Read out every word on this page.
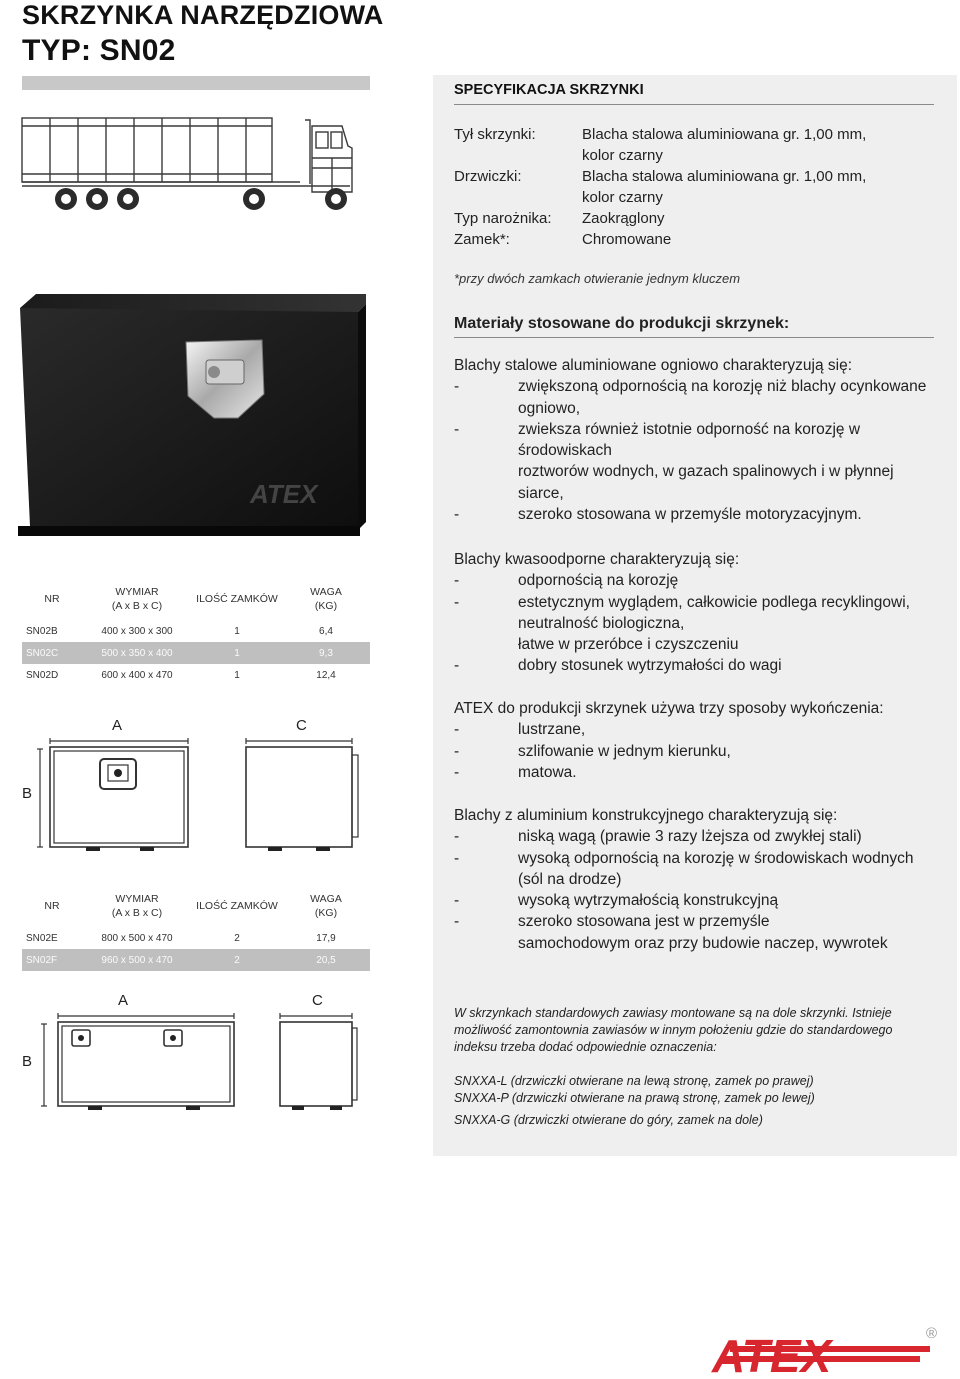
SKRZYNKA NARZĘDZIOWA
TYP: SN02
SPECYFIKACJA SKRZYNKI
Tył skrzynki:	Blacha stalowa aluminiowana gr. 1,00 mm,
kolor czarny
Drzwiczki:	Blacha stalowa aluminiowana gr. 1,00 mm,
kolor czarny
Typ narożnika:	Zaokrąglony
Zamek*:	Chromowane
*przy dwóch zamkach otwieranie jednym kluczem
Materiały stosowane do produkcji skrzynek:
Blachy stalowe aluminiowane ogniowo charakteryzują się:
-	zwiększoną odpornością na korozję niż blachy ocynkowane
ogniowo,
-	zwieksza również istotnie odporność na korozję w
środowiskach
roztworów wodnych, w gazach spalinowych i w płynnej
siarce,
-	szeroko stosowana w przemyśle motoryzacyjnym.
Blachy kwasoodporne charakteryzują się:
-	odpornością na korozję
-	estetycznym wyglądem, całkowicie podlega recyklingowi,
neutralność biologiczna,
łatwe w przeróbce i czyszczeniu
-	dobry stosunek wytrzymałości do wagi
ATEX do produkcji skrzynek używa trzy sposoby wykończenia:
-	lustrzane,
-	szlifowanie w jednym kierunku,
-	matowa.
Blachy z aluminium konstrukcyjnego charakteryzują się:
-	niską wagą (prawie 3 razy lżejsza od zwykłej stali)
-	wysoką odpornością na korozję w środowiskach wodnych
(sól na drodze)
-	wysoką wytrzymałością konstrukcyjną
-	szeroko stosowana jest w przemyśle
samochodowym oraz przy budowie naczep, wywrotek
W skrzynkach standardowych zawiasy montowane są na dole skrzynki. Istnieje
możliwość zamontownia zawiasów w innym położeniu gdzie do standardowego
indeksu trzeba dodać odpowiednie oznaczenia:
SNXXA-L (drzwiczki otwierane na lewą stronę, zamek po prawej)
SNXXA-P (drzwiczki otwierane na prawą stronę, zamek po lewej)
SNXXA-G (drzwiczki otwierane do góry, zamek na dole)
ATEX
NR	WYMIAR
(A x B x C)	ILOŚĆ ZAMKÓW	WAGA
(KG)
SN02B	400 x 300 x 300	1	6,4
SN02C	500 x 350 x 400	1	9,3
SN02D	600 x 400 x 470	1	12,4
A	C
B
NR	WYMIAR
(A x B x C)	ILOŚĆ ZAMKÓW	WAGA
(KG)
SN02E	800 x 500 x 470	2	17,9
SN02F	960 x 500 x 470	2	20,5
A	C
B
ATEX	®
